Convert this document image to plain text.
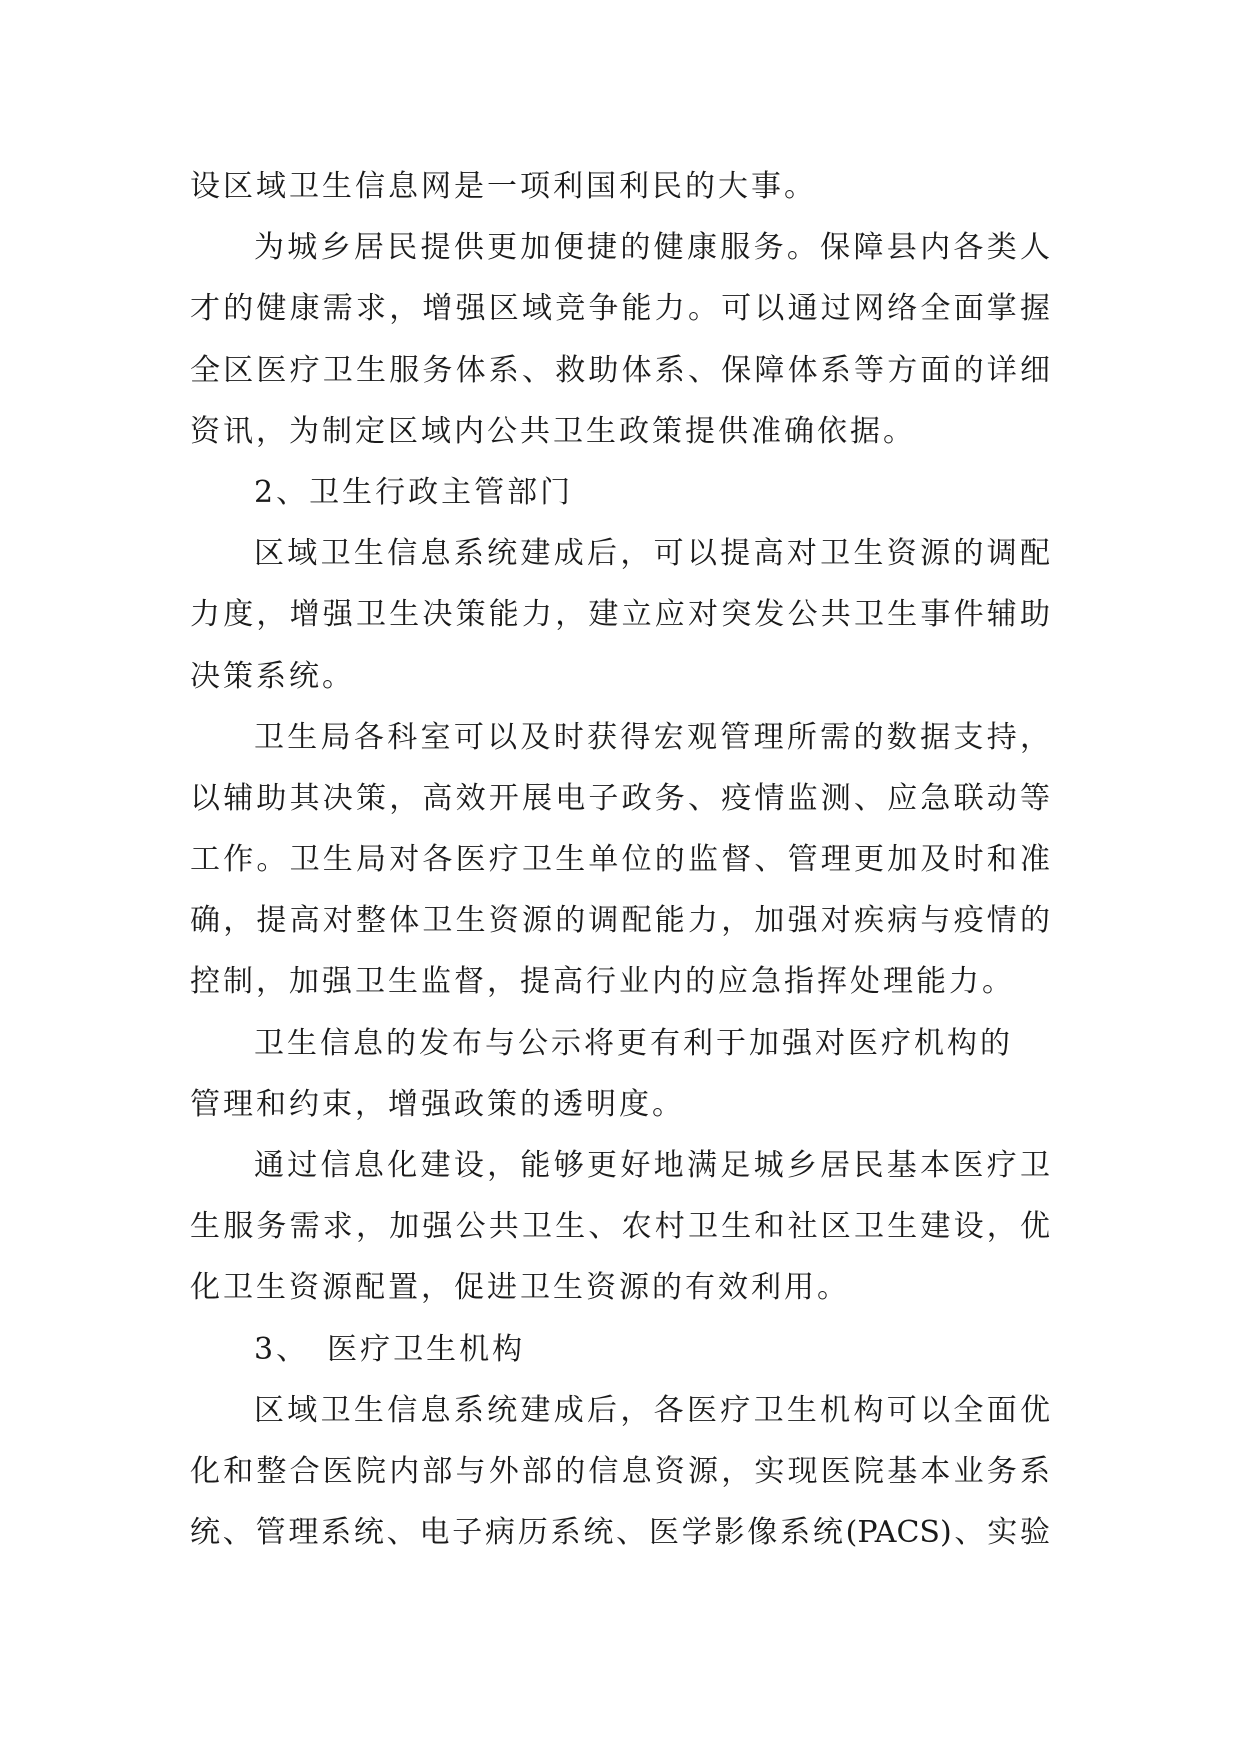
设区域卫生信息网是一项利国利民的大事。
为城乡居民提供更加便捷的健康服务。保障县内各类人
才的健康需求，增强区域竞争能力。可以通过网络全面掌握
全区医疗卫生服务体系、救助体系、保障体系等方面的详细
资讯，为制定区域内公共卫生政策提供准确依据。
2、卫生行政主管部门
区域卫生信息系统建成后，可以提高对卫生资源的调配
力度，增强卫生决策能力，建立应对突发公共卫生事件辅助
决策系统。
卫生局各科室可以及时获得宏观管理所需的数据支持，
以辅助其决策，高效开展电子政务、疫情监测、应急联动等
工作。卫生局对各医疗卫生单位的监督、管理更加及时和准
确，提高对整体卫生资源的调配能力，加强对疾病与疫情的
控制，加强卫生监督，提高行业内的应急指挥处理能力。
卫生信息的发布与公示将更有利于加强对医疗机构的
管理和约束，增强政策的透明度。
通过信息化建设，能够更好地满足城乡居民基本医疗卫
生服务需求，加强公共卫生、农村卫生和社区卫生建设，优
化卫生资源配置，促进卫生资源的有效利用。
3、　医疗卫生机构
区域卫生信息系统建成后，各医疗卫生机构可以全面优
化和整合医院内部与外部的信息资源，实现医院基本业务系
统、管理系统、电子病历系统、医学影像系统(PACS)、实验
